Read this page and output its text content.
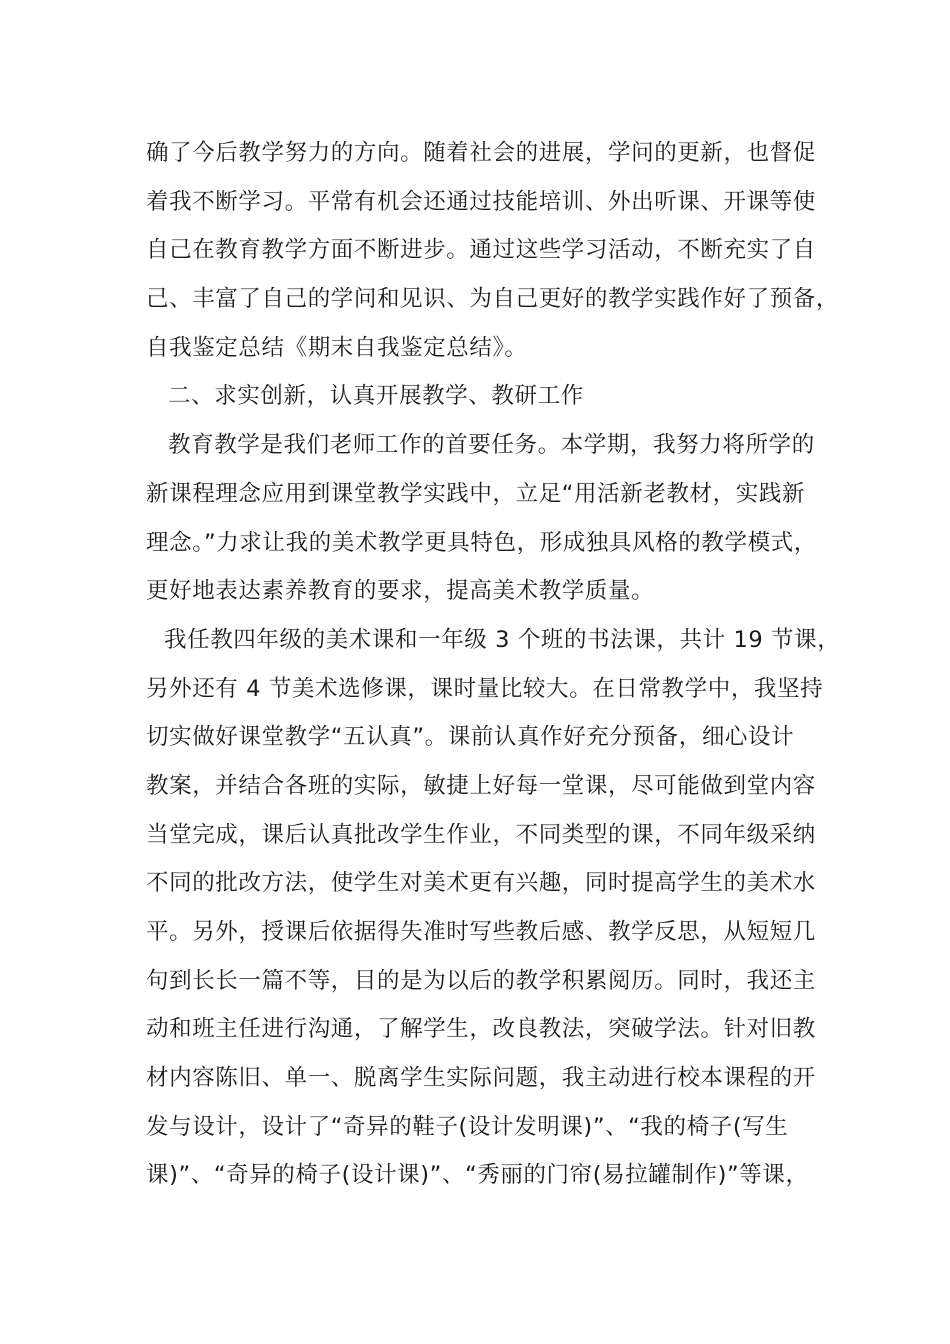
确了今后教学努力的方向。随着社会的进展，学问的更新，也督促
着我不断学习。平常有机会还通过技能培训、外出听课、开课等使
自己在教育教学方面不断进步。通过这些学习活动，不断充实了自
己、丰富了自己的学问和见识、为自己更好的教学实践作好了预备，
自我鉴定总结《期末自我鉴定总结》。
二、求实创新，认真开展教学、教研工作
教育教学是我们老师工作的首要任务。本学期，我努力将所学的
新课程理念应用到课堂教学实践中，立足“用活新老教材，实践新
理念。”力求让我的美术教学更具特色，形成独具风格的教学模式，
更好地表达素养教育的要求，提高美术教学质量。
我任教四年级的美术课和一年级 3 个班的书法课，共计 19 节课，
另外还有 4 节美术选修课，课时量比较大。在日常教学中，我坚持
切实做好课堂教学“五认真”。课前认真作好充分预备，细心设计
教案，并结合各班的实际，敏捷上好每一堂课，尽可能做到堂内容
当堂完成，课后认真批改学生作业，不同类型的课，不同年级采纳
不同的批改方法，使学生对美术更有兴趣，同时提高学生的美术水
平。另外，授课后依据得失准时写些教后感、教学反思，从短短几
句到长长一篇不等，目的是为以后的教学积累阅历。同时，我还主
动和班主任进行沟通，了解学生，改良教法，突破学法。针对旧教
材内容陈旧、单一、脱离学生实际问题，我主动进行校本课程的开
发与设计，设计了“奇异的鞋子(设计发明课)”、“我的椅子(写生
课)”、“奇异的椅子(设计课)”、“秀丽的门帘(易拉罐制作)”等课，
